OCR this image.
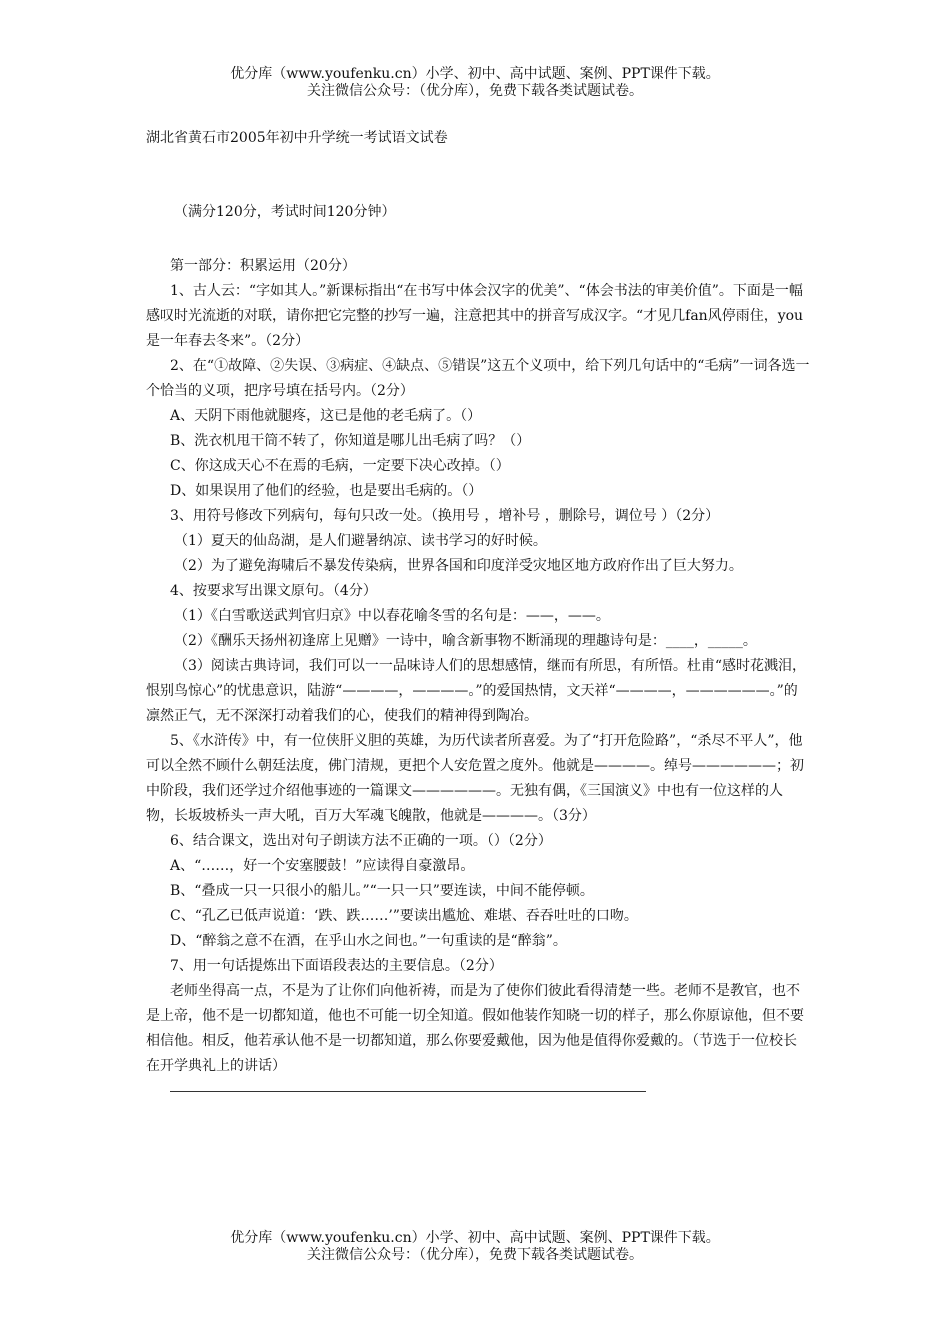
优分库（www.youfenku.cn）小学、初中、高中试题、案例、PPT课件下载。
关注微信公众号：（优分库），免费下载各类试题试卷。
湖北省黄石市2005年初中升学统一考试语文试卷

（满分120分，考试时间120分钟）

第一部分：积累运用（20分）

1、古人云：“字如其人。”新课标指出“在书写中体会汉字的优美”、“体会书法的审美价值”。下面是一幅感叹时光流逝的对联，请你把它完整的抄写一遍，注意把其中的拼音写成汉字。“才见几fan风停雨住，you是一年春去冬来”。（2分）

2、在“①故障、②失误、③病症、④缺点、⑤错误”这五个义项中，给下列几句话中的“毛病”一词各选一个恰当的义项，把序号填在括号内。（2分）

A、天阴下雨他就腿疼，这已是他的老毛病了。（）

B、洗衣机甩干筒不转了，你知道是哪儿出毛病了吗？（）

C、你这成天心不在焉的毛病，一定要下决心改掉。（）

D、如果误用了他们的经验，也是要出毛病的。（）

3、用符号修改下列病句，每句只改一处。（换用号 ，增补号 ，删除号，调位号 ）（2分）

（1）夏天的仙岛湖，是人们避暑纳凉、读书学习的好时候。

（2）为了避免海啸后不暴发传染病，世界各国和印度洋受灾地区地方政府作出了巨大努力。

4、按要求写出课文原句。（4分）

（1）《白雪歌送武判官归京》中以春花喻冬雪的名句是：——，——。

（2）《酬乐天扬州初逢席上见赠》一诗中，喻含新事物不断涌现的理趣诗句是：____，_____。

（3）阅读古典诗词，我们可以一一品味诗人们的思想感情，继而有所思，有所悟。杜甫“感时花溅泪，恨别鸟惊心”的忧患意识，陆游“————，————。”的爱国热情，文天祥“————，——————。”的凛然正气，无不深深打动着我们的心，使我们的精神得到陶冶。

5、《水浒传》中，有一位侠肝义胆的英雄，为历代读者所喜爱。为了“打开危险路”，“杀尽不平人”，他可以全然不顾什么朝廷法度，佛门清规，更把个人安危置之度外。他就是————。绰号——————；初中阶段，我们还学过介绍他事迹的一篇课文——————。无独有偶，《三国演义》中也有一位这样的人物，长坂坡桥头一声大吼，百万大军魂飞魄散，他就是————。（3分）

6、结合课文，选出对句子朗读方法不正确的一项。（）（2分）

A、“……，好一个安塞腰鼓！”应读得自豪激昂。

B、“叠成一只一只很小的船儿。”“一只一只”要连读，中间不能停顿。

C、“孔乙已低声说道：‘跌、跌……’”要读出尴尬、难堪、吞吞吐吐的口吻。

D、“醉翁之意不在酒，在乎山水之间也。”一句重读的是“醉翁”。

7、用一句话提炼出下面语段表达的主要信息。（2分）

老师坐得高一点，不是为了让你们向他祈祷，而是为了使你们彼此看得清楚一些。老师不是教官，也不是上帝，他不是一切都知道，他也不可能一切全知道。假如他装作知晓一切的样子，那么你原谅他，但不要相信他。相反，他若承认他不是一切都知道，那么你要爱戴他，因为他是值得你爱戴的。（节选于一位校长在开学典礼上的讲话）

优分库（www.youfenku.cn）小学、初中、高中试题、案例、PPT课件下载。
关注微信公众号：（优分库），免费下载各类试题试卷。
